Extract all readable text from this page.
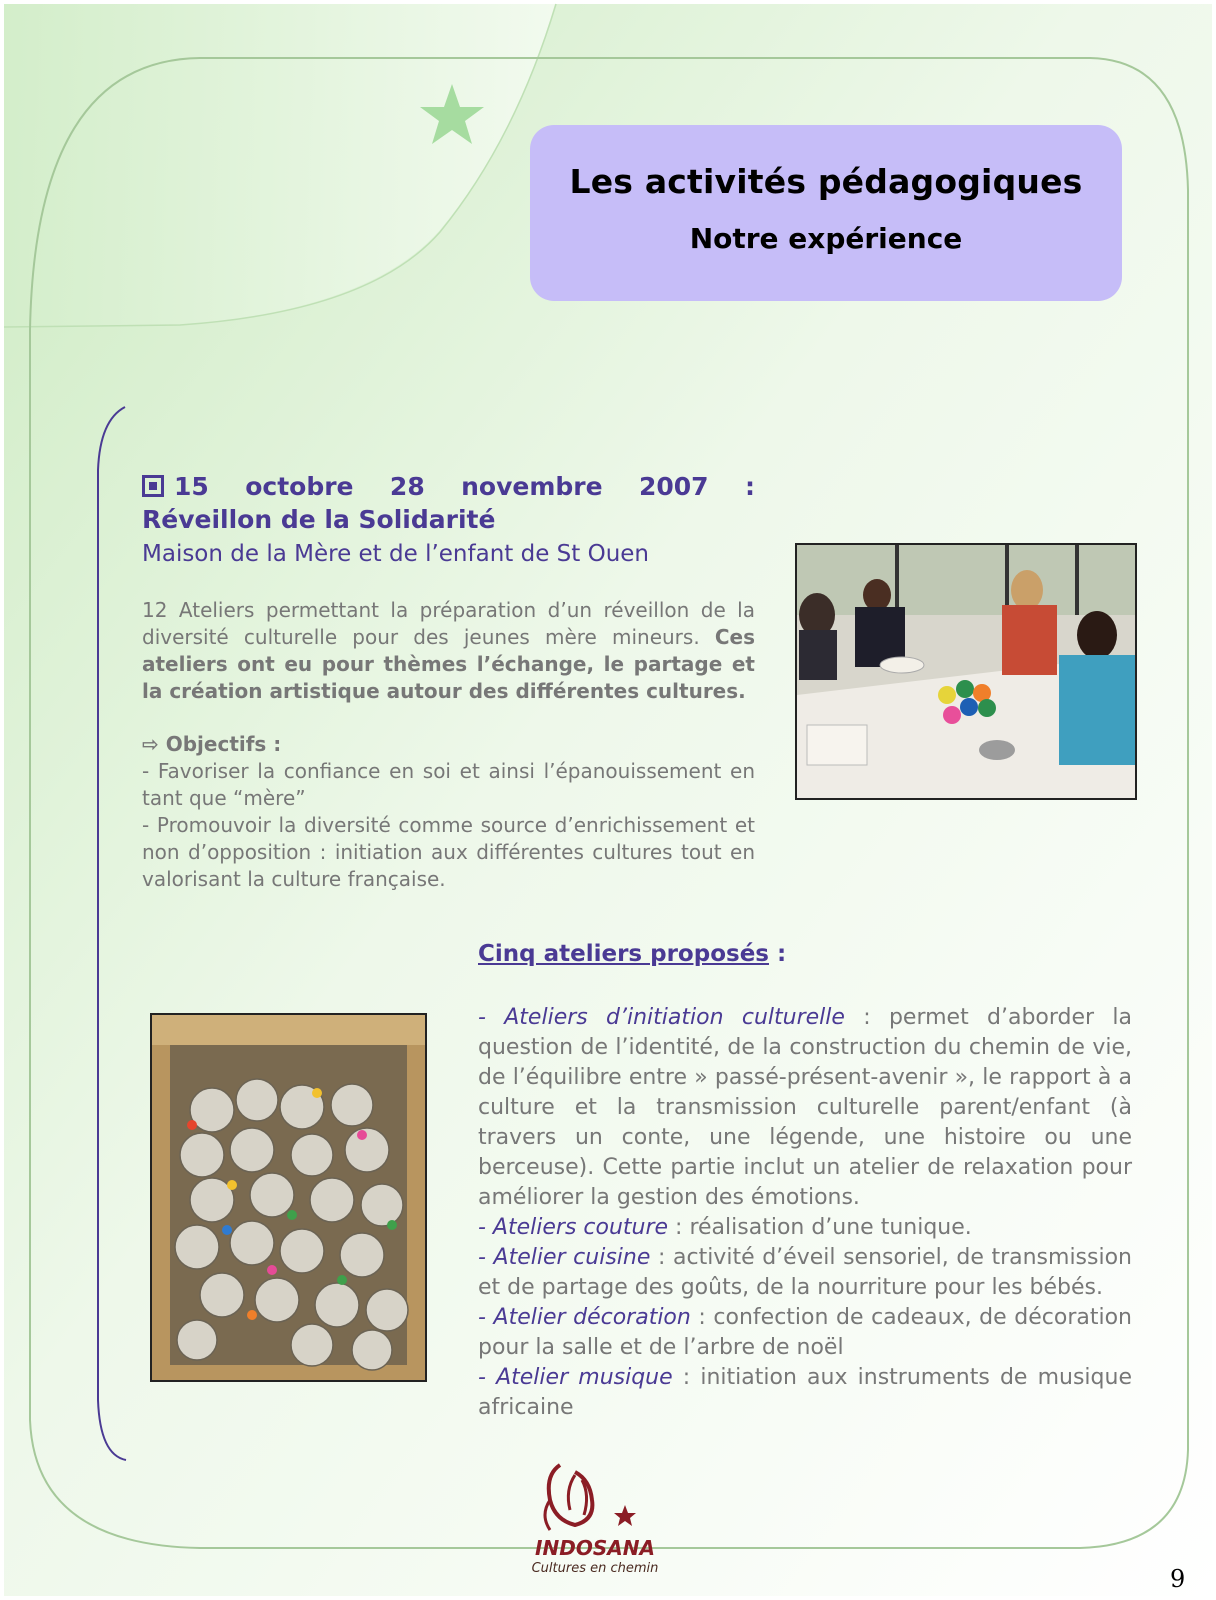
Les activités pédagogiques
Notre expérience
15 octobre 28 novembre 2007 : Réveillon de la Solidarité
Maison de la Mère et de l’enfant de St Ouen
12 Ateliers permettant la préparation d’un réveillon de la diversité culturelle pour des jeunes mère mineurs. Ces ateliers ont eu pour thèmes l’échange, le partage et la création artistique autour des différentes cultures.
⇨ Objectifs :
- Favoriser la confiance en soi et ainsi l’épanouissement en tant que “mère”
- Promouvoir la diversité comme source d’enrichissement et non d’opposition : initiation aux différentes cultures tout en valorisant la culture française.
Cinq ateliers proposés :
- Ateliers d’initiation culturelle : permet d’aborder la question de l’identité, de la construction du chemin de vie, de l’équilibre entre » passé-présent-avenir », le rapport à a culture et la transmission culturelle parent/enfant (à travers un conte, une légende, une histoire ou une berceuse). Cette partie inclut un atelier de relaxation pour améliorer la gestion des émotions.
- Ateliers couture : réalisation d’une tunique.
- Atelier cuisine : activité d’éveil sensoriel, de transmission et de partage des goûts, de la nourriture pour les bébés.
- Atelier décoration : confection de cadeaux, de décoration pour la salle et de l’arbre de noël
- Atelier musique : initiation aux instruments de musique africaine
INDOSANA
Cultures en chemin	9
